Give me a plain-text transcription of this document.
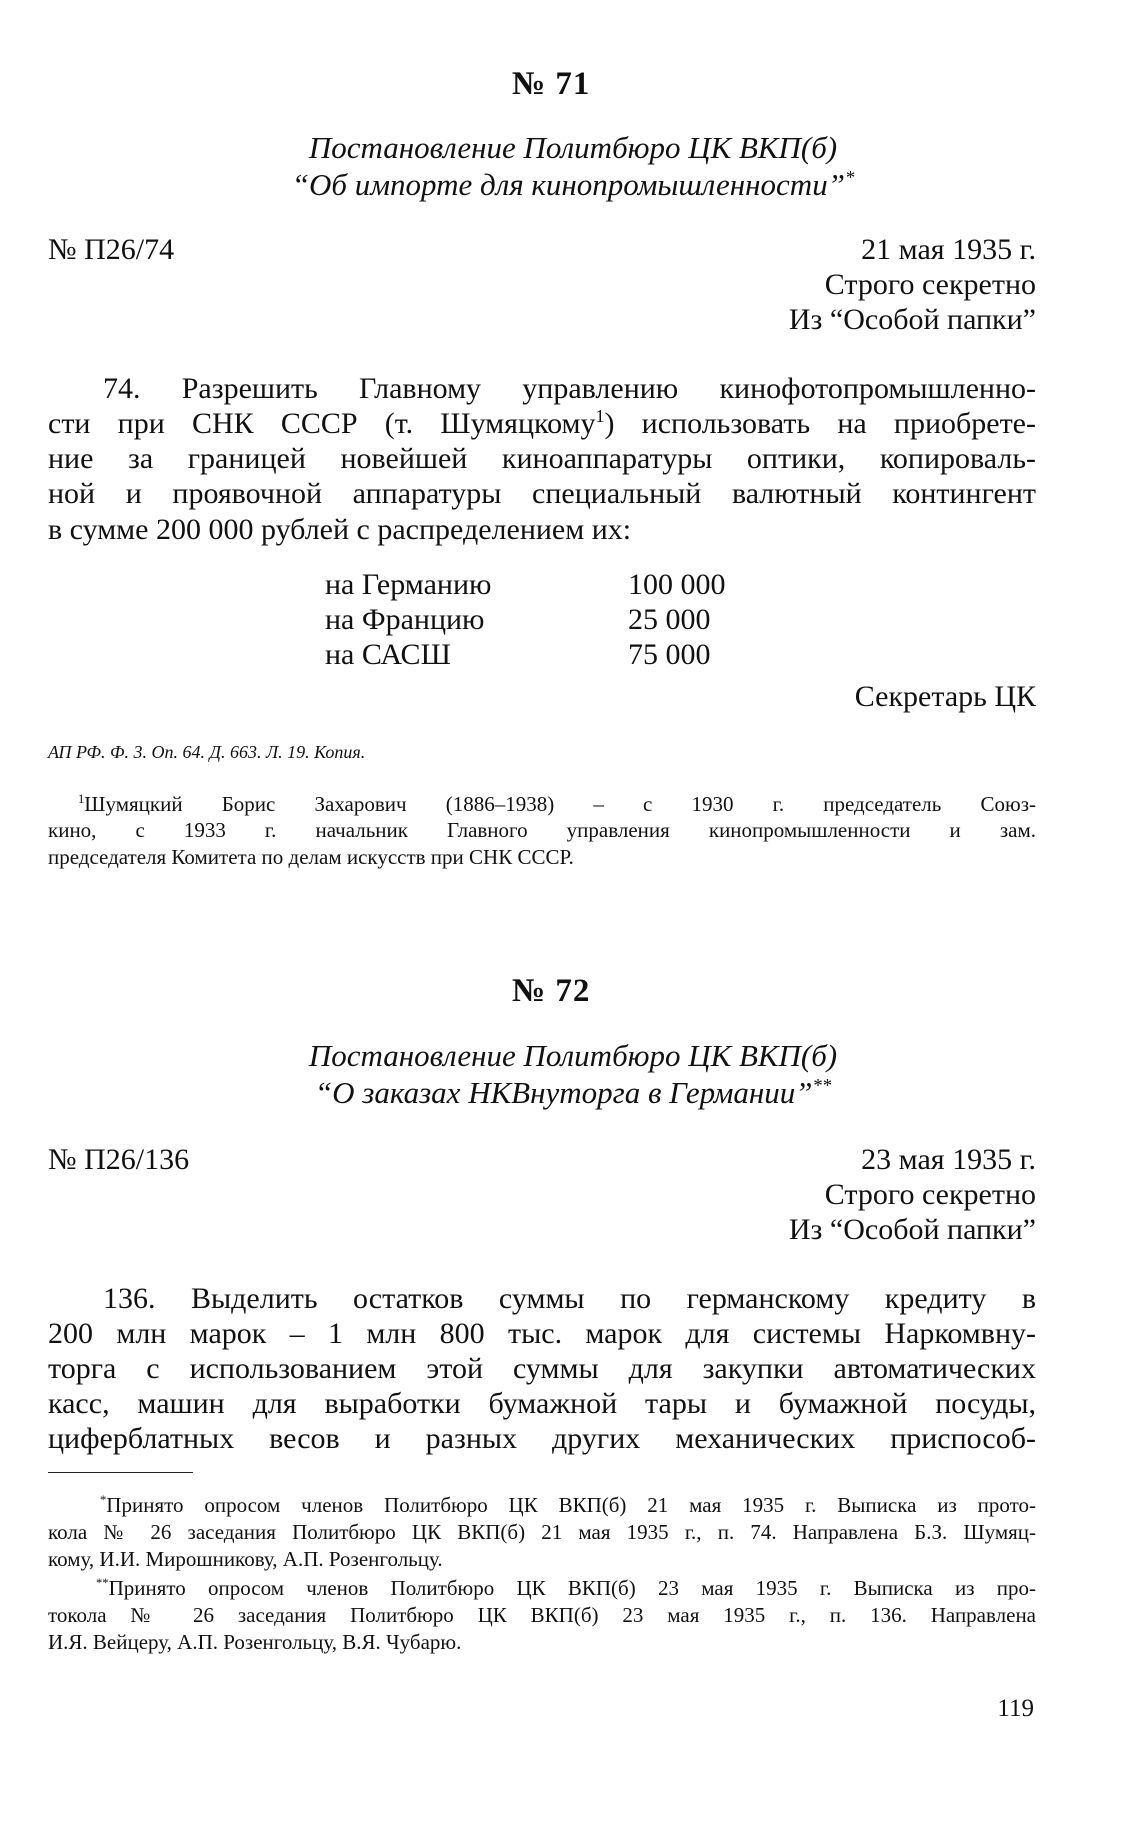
№ 71
Постановление Политбюро ЦК ВКП(б)
“Об импорте для кинопромышленности”*
№ П26/74	21 мая 1935 г.
Строго секретно
Из “Особой папки”
74. Разрешить Главному управлению кинофотопромышленно-
сти при СНК СССР (т. Шумяцкому$^1$) использовать на приобрете-
ние за границей новейшей киноаппаратуры оптики, копироваль-
ной и проявочной аппаратуры специальный валютный контингент
в сумме 200 000 рублей с распределением их:
на Германию	100 000
на Францию	25 000
на САСШ	75 000
Секретарь ЦК
АП РФ. Ф. 3. Оп. 64. Д. 663. Л. 19. Копия.
$^1$Шумяцкий Борис Захарович (1886–1938) – с 1930 г. председатель Союз-
кино, с 1933 г. начальник Главного управления кинопромышленности и зам.
председателя Комитета по делам искусств при СНК СССР.
№ 72
Постановление Политбюро ЦК ВКП(б)
“О заказах НКВнуторга в Германии”**
№ П26/136	23 мая 1935 г.
Строго секретно
Из “Особой папки”
136. Выделить остатков суммы по германскому кредиту в
200 млн марок – 1 млн 800 тыс. марок для системы Наркомвну-
торга с использованием этой суммы для закупки автоматических
касс, машин для выработки бумажной тары и бумажной посуды,
циферблатных весов и разных других механических приспособ-
*Принято опросом членов Политбюро ЦК ВКП(б) 21 мая 1935 г. Выписка из прото-
кола № 26 заседания Политбюро ЦК ВКП(б) 21 мая 1935 г., п. 74. Направлена Б.З. Шумяц-
кому, И.И. Мирошникову, А.П. Розенгольцу.
**Принято опросом членов Политбюро ЦК ВКП(б) 23 мая 1935 г. Выписка из про-
токола № 26 заседания Политбюро ЦК ВКП(б) 23 мая 1935 г., п. 136. Направлена
И.Я. Вейцеру, А.П. Розенгольцу, В.Я. Чубарю.
119
